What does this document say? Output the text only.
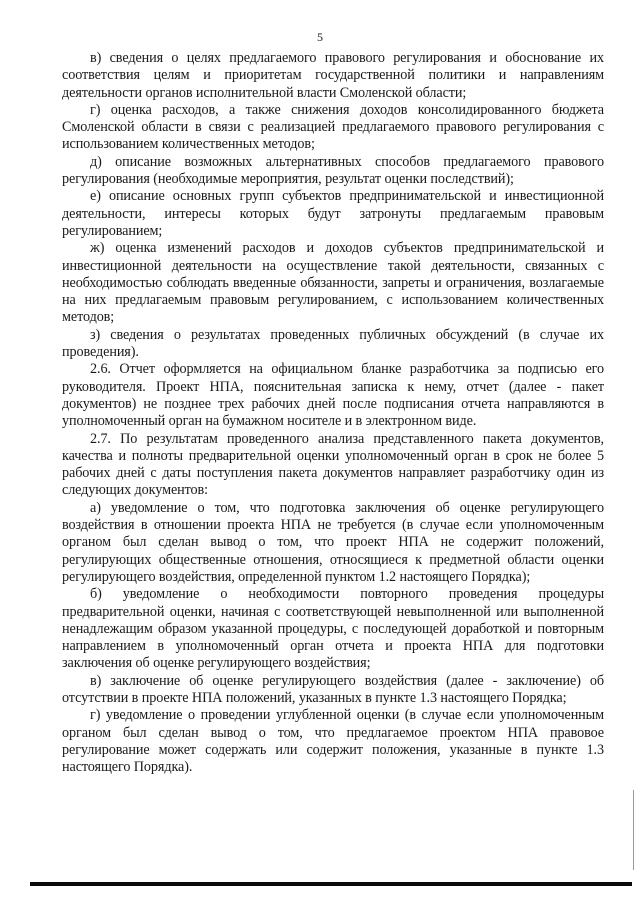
5

в) сведения о целях предлагаемого правового регулирования и обоснование их соответствия целям и приоритетам государственной политики и направлениям деятельности органов исполнительной власти Смоленской области;

г) оценка расходов, а также снижения доходов консолидированного бюджета Смоленской области в связи с реализацией предлагаемого правового регулирования с использованием количественных методов;

д) описание возможных альтернативных способов предлагаемого правового регулирования (необходимые мероприятия, результат оценки последствий);

е) описание основных групп субъектов предпринимательской и инвестиционной деятельности, интересы которых будут затронуты предлагаемым правовым регулированием;

ж) оценка изменений расходов и доходов субъектов предпринимательской и инвестиционной деятельности на осуществление такой деятельности, связанных с необходимостью соблюдать введенные обязанности, запреты и ограничения, возлагаемые на них предлагаемым правовым регулированием, с использованием количественных методов;

з) сведения о результатах проведенных публичных обсуждений (в случае их проведения).

2.6. Отчет оформляется на официальном бланке разработчика за подписью его руководителя. Проект НПА, пояснительная записка к нему, отчет (далее - пакет документов) не позднее трех рабочих дней после подписания отчета направляются в уполномоченный орган на бумажном носителе и в электронном виде.

2.7. По результатам проведенного анализа представленного пакета документов, качества и полноты предварительной оценки уполномоченный орган в срок не более 5 рабочих дней с даты поступления пакета документов направляет разработчику один из следующих документов:

а) уведомление о том, что подготовка заключения об оценке регулирующего воздействия в отношении проекта НПА не требуется (в случае если уполномоченным органом был сделан вывод о том, что проект НПА не содержит положений, регулирующих общественные отношения, относящиеся к предметной области оценки регулирующего воздействия, определенной пунктом 1.2 настоящего Порядка);

б) уведомление о необходимости повторного проведения процедуры предварительной оценки, начиная с соответствующей невыполненной или выполненной ненадлежащим образом указанной процедуры, с последующей доработкой и повторным направлением в уполномоченный орган отчета и проекта НПА для подготовки заключения об оценке регулирующего воздействия;

в) заключение об оценке регулирующего воздействия (далее - заключение) об отсутствии в проекте НПА положений, указанных в пункте 1.3 настоящего Порядка;

г) уведомление о проведении углубленной оценки (в случае если уполномоченным органом был сделан вывод о том, что предлагаемое проектом НПА правовое регулирование может содержать или содержит положения, указанные в пункте 1.3 настоящего Порядка).
